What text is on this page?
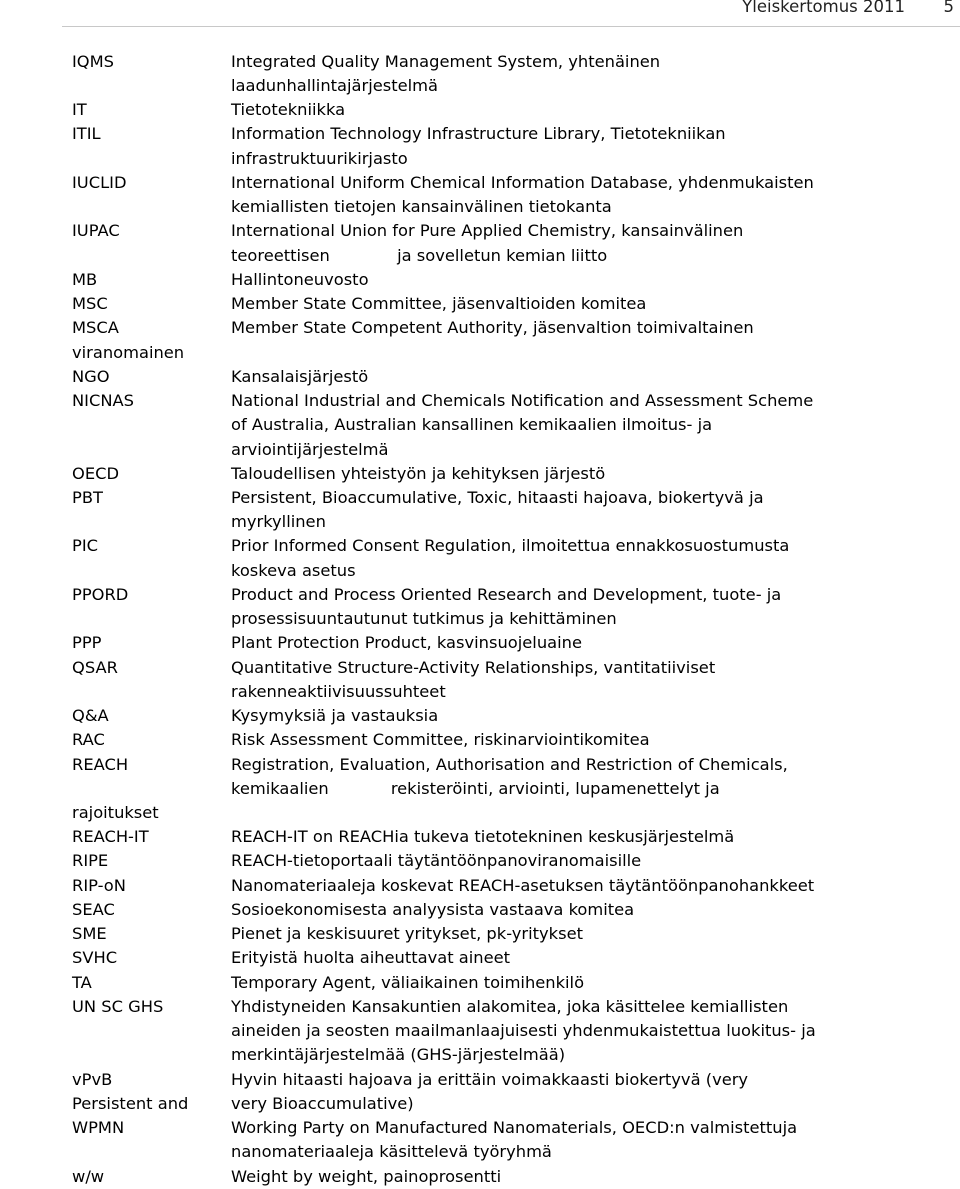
Yleiskertomus 2011 5
IQMS
IT
ITIL
IUCLID
IUPAC
MB
MSC
MSCA
viranomainen
NGO
NICNAS
OECD
PBT
PIC
PPORD
PPP
QSAR
Q&A
RAC
REACH
rajoitukset
REACH-IT
RIPE
RIP-oN
SEAC
SME
SVHC
TA
UN SC GHS
vPvB
Persistent and
WPMN
w/w
Integrated Quality Management System, yhtenäinen
laadunhallintajärjestelmä
Tietotekniikka
Information Technology Infrastructure Library, Tietotekniikan
infrastruktuurikirjasto
International Uniform Chemical Information Database, yhdenmukaisten
kemiallisten tietojen kansainvälinen tietokanta
International Union for Pure Applied Chemistry, kansainvälinen
teoreettisen             ja sovelletun kemian liitto
Hallintoneuvosto
Member State Committee, jäsenvaltioiden komitea
Member State Competent Authority, jäsenvaltion toimivaltainen
Kansalaisjärjestö
National Industrial and Chemicals Notification and Assessment Scheme
of Australia, Australian kansallinen kemikaalien ilmoitus- ja
arviointijärjestelmä
Taloudellisen yhteistyön ja kehityksen järjestö
Persistent, Bioaccumulative, Toxic, hitaasti hajoava, biokertyvä ja
myrkyllinen
Prior Informed Consent Regulation, ilmoitettua ennakkosuostumusta
koskeva asetus
Product and Process Oriented Research and Development, tuote- ja
prosessisuuntautunut tutkimus ja kehittäminen
Plant Protection Product, kasvinsuojeluaine
Quantitative Structure-Activity Relationships, vantitatiiviset
rakenneaktiivisuussuhteet
Kysymyksiä ja vastauksia
Risk Assessment Committee, riskinarviointikomitea
Registration, Evaluation, Authorisation and Restriction of Chemicals,
kemikaalien            rekisteröinti, arviointi, lupamenettelyt ja
REACH-IT on REACHia tukeva tietotekninen keskusjärjestelmä
REACH-tietoportaali täytäntöönpanoviranomaisille
Nanomateriaaleja koskevat REACH-asetuksen täytäntöönpanohankkeet
Sosioekonomisesta analyysista vastaava komitea
Pienet ja keskisuuret yritykset, pk-yritykset
Erityistä huolta aiheuttavat aineet
Temporary Agent, väliaikainen toimihenkilö
Yhdistyneiden Kansakuntien alakomitea, joka käsittelee kemiallisten
aineiden ja seosten maailmanlaajuisesti yhdenmukaistettua luokitus- ja
merkintäjärjestelmää (GHS-järjestelmää)
Hyvin hitaasti hajoava ja erittäin voimakkaasti biokertyvä (very
very Bioaccumulative)
Working Party on Manufactured Nanomaterials, OECD:n valmistettuja
nanomateriaaleja käsittelevä työryhmä
Weight by weight, painoprosentti
